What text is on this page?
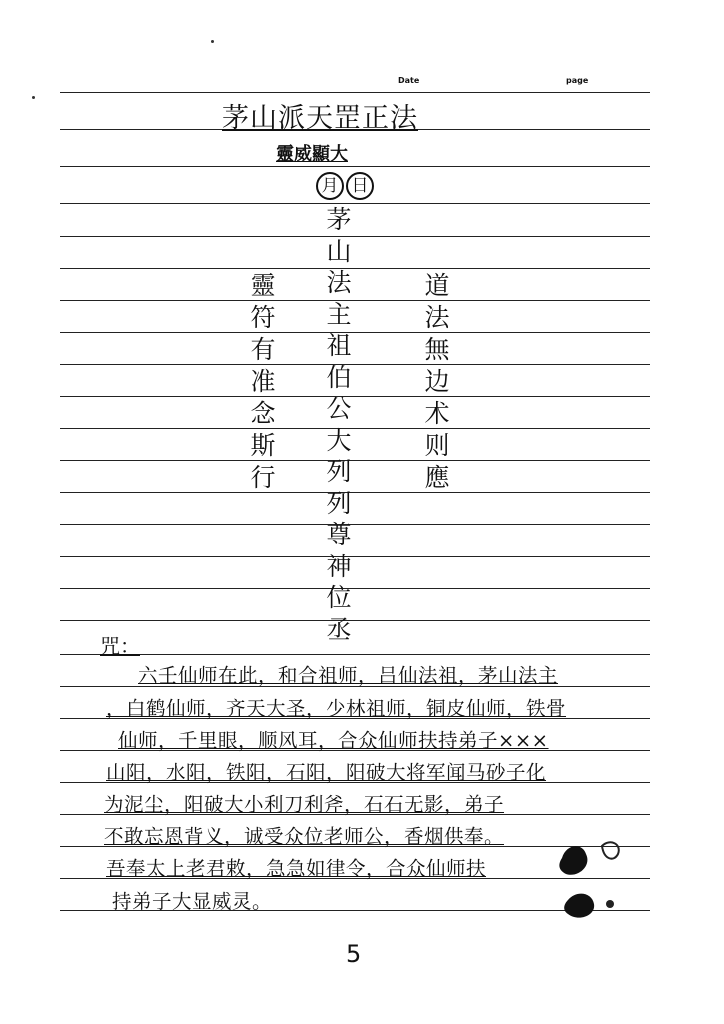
Date	page
茅山派天罡正法
靈威顯大
月 日
茅
山
法
主
祖
伯
公
大
列
列
尊
神
位
丞
靈
符
有
准
念
斯
行
道
法
無
边
术
则
應
咒：
六壬仙师在此，和合祖师，吕仙法祖，茅山法主
，白鹤仙师，齐天大圣，少林祖师，铜皮仙师，铁骨
仙师，千里眼，顺风耳，合众仙师扶持弟子×××
山阳，水阳，铁阳，石阳，阳破大将军闻马砂子化
为泥尘，阳破大小利刀利斧，石石无影，弟子
不敢忘恩背义，诚受众位老师公，香烟供奉。
吾奉太上老君敕，急急如律令，合众仙师扶
持弟子大显威灵。
5
